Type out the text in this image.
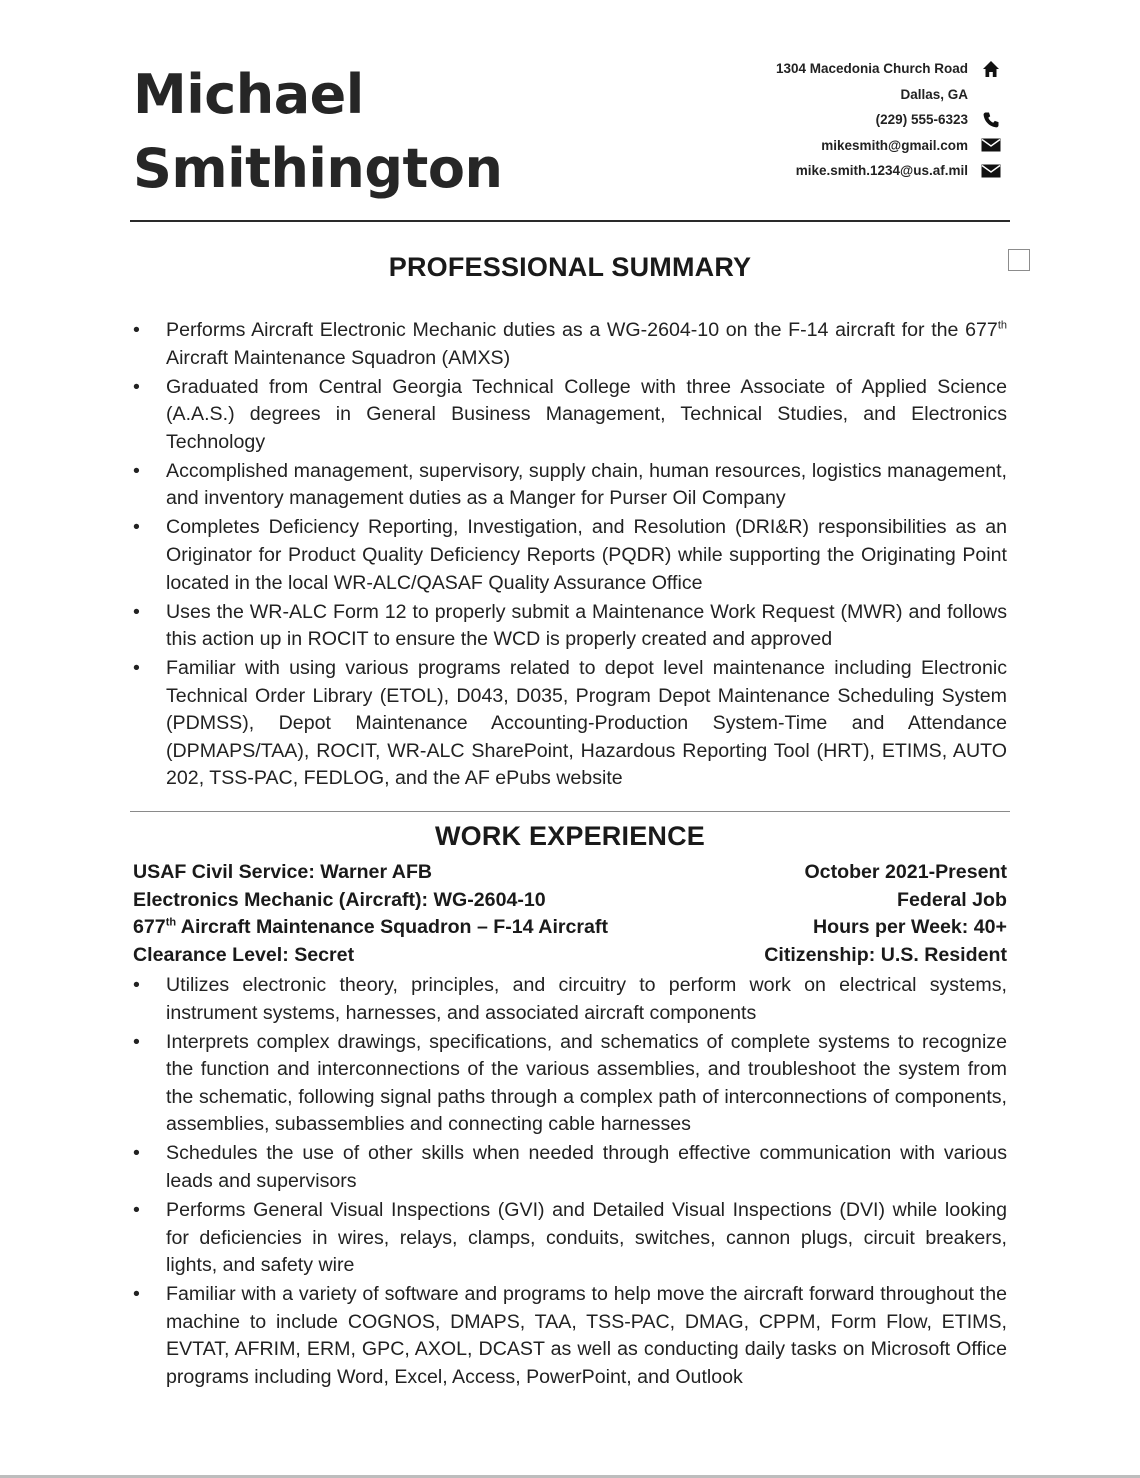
Michael
Smithington
1304 Macedonia Church Road
Dallas, GA
(229) 555-6323
mikesmith@gmail.com
mike.smith.1234@us.af.mil
PROFESSIONAL SUMMARY
• Performs Aircraft Electronic Mechanic duties as a WG-2604-10 on the F-14 aircraft for the 677th Aircraft Maintenance Squadron (AMXS)
• Graduated from Central Georgia Technical College with three Associate of Applied Science (A.A.S.) degrees in General Business Management, Technical Studies, and Electronics Technology
• Accomplished management, supervisory, supply chain, human resources, logistics management, and inventory management duties as a Manger for Purser Oil Company
• Completes Deficiency Reporting, Investigation, and Resolution (DRI&R) responsibilities as an Originator for Product Quality Deficiency Reports (PQDR) while supporting the Originating Point located in the local WR-ALC/QASAF Quality Assurance Office
• Uses the WR-ALC Form 12 to properly submit a Maintenance Work Request (MWR) and follows this action up in ROCIT to ensure the WCD is properly created and approved
• Familiar with using various programs related to depot level maintenance including Electronic Technical Order Library (ETOL), D043, D035, Program Depot Maintenance Scheduling System (PDMSS), Depot Maintenance Accounting-Production System-Time and Attendance (DPMAPS/TAA), ROCIT, WR-ALC SharePoint, Hazardous Reporting Tool (HRT), ETIMS, AUTO 202, TSS-PAC, FEDLOG, and the AF ePubs website
WORK EXPERIENCE
USAF Civil Service: Warner AFB	October 2021-Present
Electronics Mechanic (Aircraft): WG-2604-10	Federal Job
677th Aircraft Maintenance Squadron – F-14 Aircraft	Hours per Week: 40+
Clearance Level: Secret	Citizenship: U.S. Resident
• Utilizes electronic theory, principles, and circuitry to perform work on electrical systems, instrument systems, harnesses, and associated aircraft components
• Interprets complex drawings, specifications, and schematics of complete systems to recognize the function and interconnections of the various assemblies, and troubleshoot the system from the schematic, following signal paths through a complex path of interconnections of components, assemblies, subassemblies and connecting cable harnesses
• Schedules the use of other skills when needed through effective communication with various leads and supervisors
• Performs General Visual Inspections (GVI) and Detailed Visual Inspections (DVI) while looking for deficiencies in wires, relays, clamps, conduits, switches, cannon plugs, circuit breakers, lights, and safety wire
• Familiar with a variety of software and programs to help move the aircraft forward throughout the machine to include COGNOS, DMAPS, TAA, TSS-PAC, DMAG, CPPM, Form Flow, ETIMS, EVTAT, AFRIM, ERM, GPC, AXOL, DCAST as well as conducting daily tasks on Microsoft Office programs including Word, Excel, Access, PowerPoint, and Outlook
